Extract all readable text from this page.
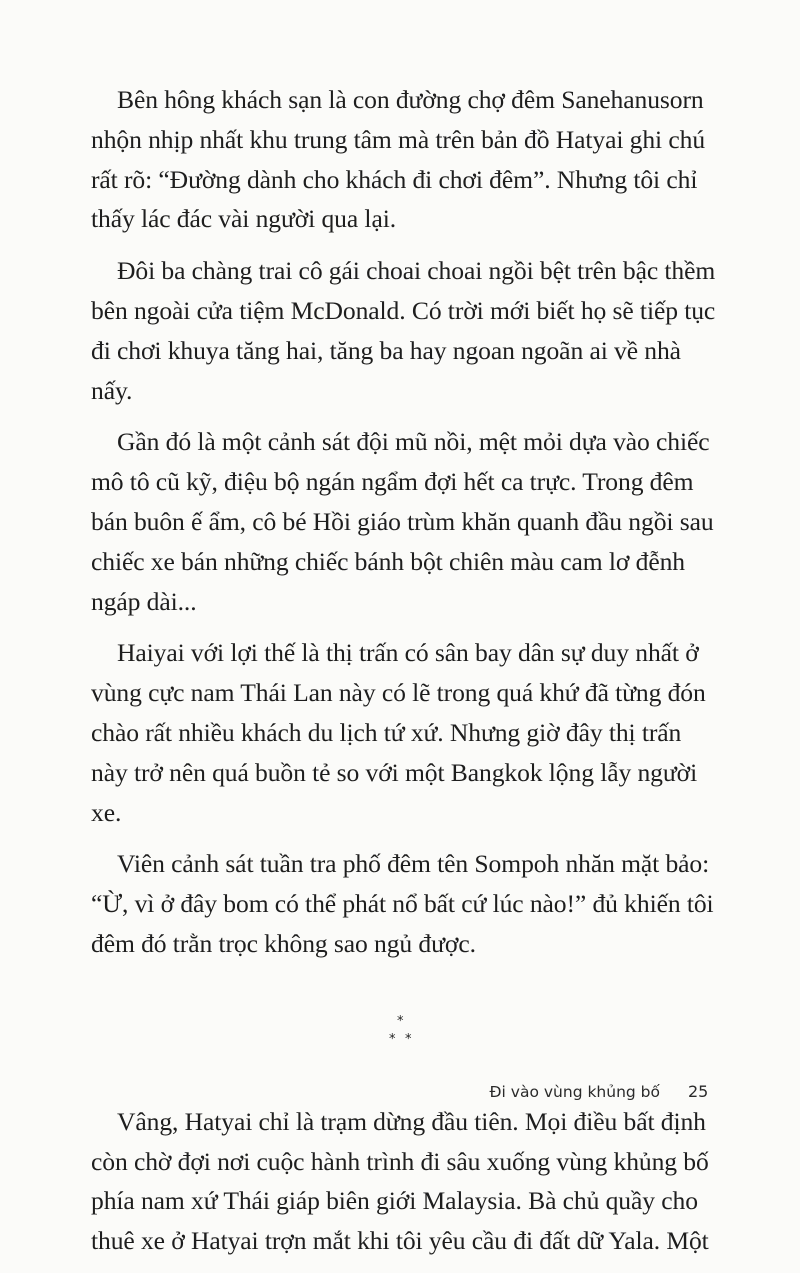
Bên hông khách sạn là con đường chợ đêm Sanehanusorn nhộn nhịp nhất khu trung tâm mà trên bản đồ Hatyai ghi chú rất rõ: “Đường dành cho khách đi chơi đêm”. Nhưng tôi chỉ thấy lác đác vài người qua lại.

Đôi ba chàng trai cô gái choai choai ngồi bệt trên bậc thềm bên ngoài cửa tiệm McDonald. Có trời mới biết họ sẽ tiếp tục đi chơi khuya tăng hai, tăng ba hay ngoan ngoãn ai về nhà nấy.

Gần đó là một cảnh sát đội mũ nồi, mệt mỏi dựa vào chiếc mô tô cũ kỹ, điệu bộ ngán ngẩm đợi hết ca trực. Trong đêm bán buôn ế ẩm, cô bé Hồi giáo trùm khăn quanh đầu ngồi sau chiếc xe bán những chiếc bánh bột chiên màu cam lơ đễnh ngáp dài...

Haiyai với lợi thế là thị trấn có sân bay dân sự duy nhất ở vùng cực nam Thái Lan này có lẽ trong quá khứ đã từng đón chào rất nhiều khách du lịch tứ xứ. Nhưng giờ đây thị trấn này trở nên quá buồn tẻ so với một Bangkok lộng lẫy người xe.

Viên cảnh sát tuần tra phố đêm tên Sompoh nhăn mặt bảo: “Ừ, vì ở đây bom có thể phát nổ bất cứ lúc nào!” đủ khiến tôi đêm đó trằn trọc không sao ngủ được.

*
* *

Vâng, Hatyai chỉ là trạm dừng đầu tiên. Mọi điều bất định còn chờ đợi nơi cuộc hành trình đi sâu xuống vùng khủng bố phía nam xứ Thái giáp biên giới Malaysia. Bà chủ quầy cho thuê xe ở Hatyai trợn mắt khi tôi yêu cầu đi đất dữ Yala. Một

Đi vào vùng khủng bố 25
